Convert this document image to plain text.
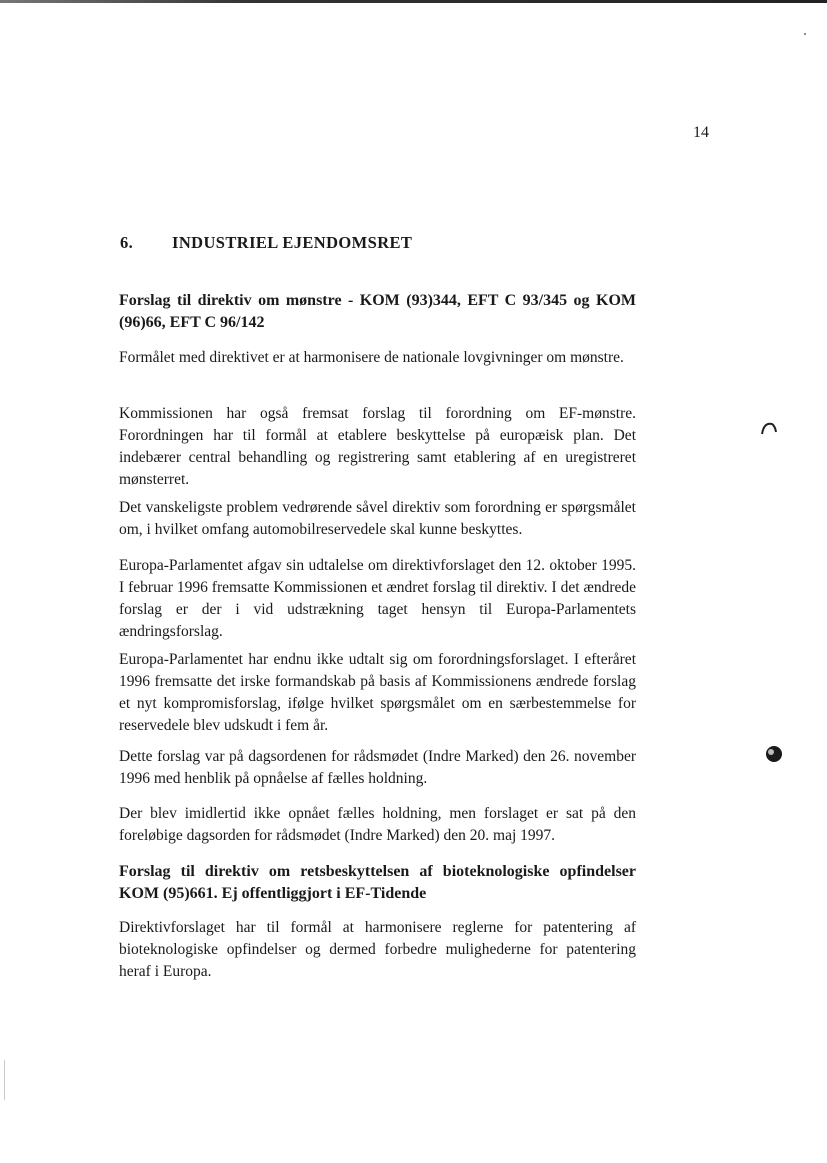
14
6. INDUSTRIEL EJENDOMSRET
Forslag til direktiv om mønstre - KOM (93)344, EFT C 93/345 og KOM (96)66, EFT C 96/142
Formålet med direktivet er at harmonisere de nationale lovgivninger om mønstre.
Kommissionen har også fremsat forslag til forordning om EF-mønstre. Forordningen har til formål at etablere beskyttelse på europæisk plan. Det indebærer central behandling og registrering samt etablering af en uregistreret mønsterret.
Det vanskeligste problem vedrørende såvel direktiv som forordning er spørgsmålet om, i hvilket omfang automobilreservedele skal kunne beskyttes.
Europa-Parlamentet afgav sin udtalelse om direktivforslaget den 12. oktober 1995. I februar 1996 fremsatte Kommissionen et ændret forslag til direktiv. I det ændrede forslag er der i vid udstrækning taget hensyn til Europa-Parlamentets ændringsforslag.
Europa-Parlamentet har endnu ikke udtalt sig om forordningsforslaget. I efteråret 1996 fremsatte det irske formandskab på basis af Kommissionens ændrede forslag et nyt kompromisforslag, ifølge hvilket spørgsmålet om en særbestemmelse for reservedele blev udskudt i fem år.
Dette forslag var på dagsordenen for rådsmødet (Indre Marked) den 26. november 1996 med henblik på opnåelse af fælles holdning.
Der blev imidlertid ikke opnået fælles holdning, men forslaget er sat på den foreløbige dagsorden for rådsmødet (Indre Marked) den 20. maj 1997.
Forslag til direktiv om retsbeskyttelsen af bioteknologiske opfindelser KOM (95)661. Ej offentliggjort i EF-Tidende
Direktivforslaget har til formål at harmonisere reglerne for patentering af bioteknologiske opfindelser og dermed forbedre mulighederne for patentering heraf i Europa.
